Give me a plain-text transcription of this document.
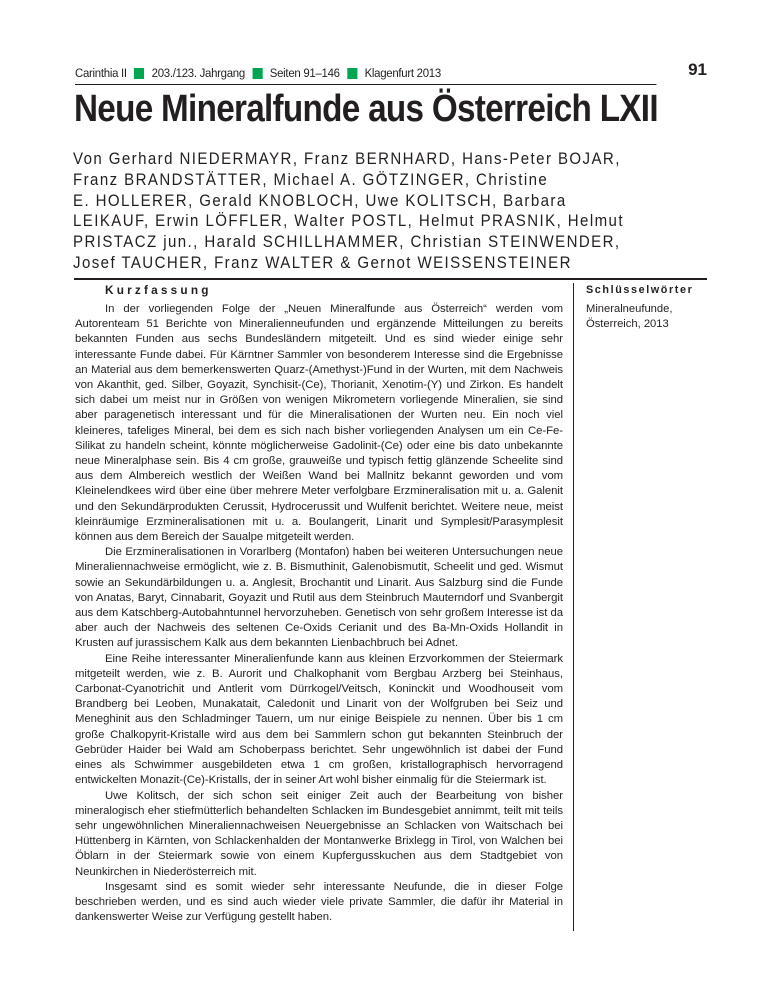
Carinthia II 203./123. Jahrgang Seiten 91–146 Klagenfurt 2013	91
Neue Mineralfunde aus Österreich LXII
Von Gerhard NIEDERMAYR, Franz BERNHARD, Hans-Peter BOJAR,
Franz BRANDSTÄTTER, Michael A. GÖTZINGER, Christine
E. HOLLERER, Gerald KNOBLOCH, Uwe KOLITSCH, Barbara
LEIKAUF, Erwin LÖFFLER, Walter POSTL, Helmut PRASNIK, Helmut
PRISTACZ jun., Harald SCHILLHAMMER, Christian STEINWENDER,
Josef TAUCHER, Franz WALTER & Gernot WEISSENSTEINER
Kurzfassung

In der vorliegenden Folge der „Neuen Mineralfunde aus Österreich“ werden vom Autorenteam 51 Berichte von Mineralienneufunden und ergänzende Mitteilungen zu bereits bekannten Funden aus sechs Bundesländern mitgeteilt. Und es sind wieder einige sehr interessante Funde dabei. Für Kärntner Sammler von besonderem Interesse sind die Ergebnisse an Material aus dem bemerkenswerten Quarz-(Amethyst-)Fund in der Wurten, mit dem Nachweis von Akanthit, ged. Silber, Goyazit, Synchisit-(Ce), Thorianit, Xenotim-(Y) und Zirkon. Es handelt sich dabei um meist nur in Größen von wenigen Mikrometern vorliegende Mineralien, sie sind aber paragenetisch interessant und für die Mineralisationen der Wurten neu. Ein noch viel kleineres, tafeliges Mineral, bei dem es sich nach bisher vorliegenden Analysen um ein Ce-Fe-Silikat zu handeln scheint, könnte möglicherweise Gadolinit-(Ce) oder eine bis dato unbekannte neue Mineralphase sein. Bis 4 cm große, grauweiße und typisch fettig glänzende Scheelite sind aus dem Almbereich westlich der Weißen Wand bei Mallnitz bekannt geworden und vom Kleinelendkees wird über eine über mehrere Meter verfolgbare Erzmineralisation mit u. a. Galenit und den Sekundärprodukten Cerussit, Hydrocerussit und Wulfenit berichtet. Weitere neue, meist kleinräumige Erzmineralisationen mit u. a. Boulangerit, Linarit und Symplesit/Parasymplesit können aus dem Bereich der Saualpe mitgeteilt werden.

Die Erzmineralisationen in Vorarlberg (Montafon) haben bei weiteren Untersuchungen neue Mineraliennachweise ermöglicht, wie z. B. Bismuthinit, Galenobismutit, Scheelit und ged. Wismut sowie an Sekundärbildungen u. a. Anglesit, Brochantit und Linarit. Aus Salzburg sind die Funde von Anatas, Baryt, Cinnabarit, Goyazit und Rutil aus dem Steinbruch Mauterndorf und Svanbergit aus dem Katschberg-Autobahntunnel hervorzuheben. Genetisch von sehr großem Interesse ist da aber auch der Nachweis des seltenen Ce-Oxids Cerianit und des Ba-Mn-Oxids Hollandit in Krusten auf jurassischem Kalk aus dem bekannten Lienbachbruch bei Adnet.

Eine Reihe interessanter Mineralienfunde kann aus kleinen Erzvorkommen der Steiermark mitgeteilt werden, wie z. B. Aurorit und Chalkophanit vom Bergbau Arzberg bei Steinhaus, Carbonat-Cyanotrichit und Antlerit vom Dürrkogel/Veitsch, Koninckit und Woodhouseit vom Brandberg bei Leoben, Munakatait, Caledonit und Linarit von der Wolfgruben bei Seiz und Meneghinit aus den Schladminger Tauern, um nur einige Beispiele zu nennen. Über bis 1 cm große Chalkopyrit-Kristalle wird aus dem bei Sammlern schon gut bekannten Steinbruch der Gebrüder Haider bei Wald am Schoberpass berichtet. Sehr ungewöhnlich ist dabei der Fund eines als Schwimmer ausgebildeten etwa 1 cm großen, kristallographisch hervorragend entwickelten Monazit-(Ce)-Kristalls, der in seiner Art wohl bisher einmalig für die Steiermark ist.

Uwe Kolitsch, der sich schon seit einiger Zeit auch der Bearbeitung von bisher mineralogisch eher stiefmütterlich behandelten Schlacken im Bundesgebiet annimmt, teilt mit teils sehr ungewöhnlichen Mineraliennachweisen Neuergebnisse an Schlacken von Waitschach bei Hüttenberg in Kärnten, von Schlackenhalden der Montanwerke Brixlegg in Tirol, von Walchen bei Öblarn in der Steiermark sowie von einem Kupfergusskuchen aus dem Stadtgebiet von Neunkirchen in Niederösterreich mit.

Insgesamt sind es somit wieder sehr interessante Neufunde, die in dieser Folge beschrieben werden, und es sind auch wieder viele private Sammler, die dafür ihr Material in dankenswerter Weise zur Verfügung gestellt haben.

Schlüsselwörter
Mineralneufunde,
Österreich, 2013
